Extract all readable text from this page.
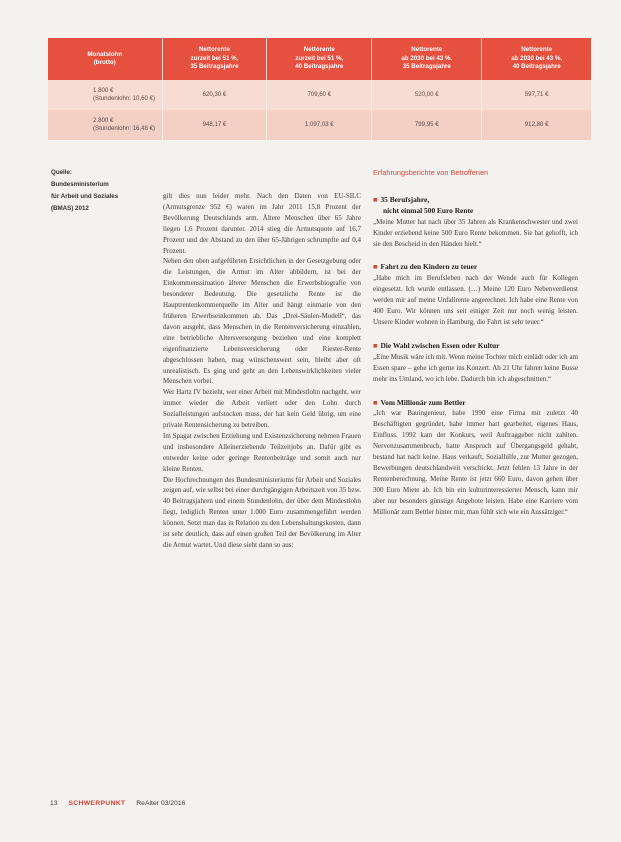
Monatslohn
(brutto)	Nettorente
zurzeit bei 51 %,
35 Beitragsjahre	Nettorente
zurzeit bei 51 %,
40 Beitragsjahre	Nettorente
ab 2030 bei 43 %,
35 Beitragsjahre	Nettorente
ab 2030 bei 43 %,
40 Beitragsjahre
1.800 €
(Stundenlohn: 10,60 €)	620,30 €	709,60 €	520,00 €	597,71 €
2.800 €
(Stundenlohn: 16,48 €)	948,17 €	1.097,03 €	799,95 €	912,80 €
Quelle:
Bundesministerium
für Arbeit und Soziales
(BMAS) 2012

gilt dies nun leider mehr. Nach den Daten von EU-SILC (Armutsgrenze 952 €) waren im Jahr 2011 15,8 Prozent der Bevölkerung Deutschlands arm. Ältere Menschen über 65 Jahre liegen 1,6 Prozent darunter. 2014 stieg die Armutsquote auf 16,7 Prozent und der Abstand zu den über 65-Jährigen schrumpfte auf 0,4 Prozent.

Neben den oben aufgeführten Ersichtlichen in der Gesetzgebung oder die Leistungen, die Armut im Alter abbildern, ist bei der Einkommenssituation älterer Menschen die Erwerbsbiografie von besonderer Bedeutung. Die gesetzliche Rente ist die Hauptrentenkommerquelle im Alter und hängt einmarie von den früheren Erwerbseinkommen ab. Das „Drei-Säulen-Modell“, das davon ausgeht, dass Menschen in die Rentenversicherung einzahlen, eine betriebliche Altersversorgung beziehen und eine komplett eigenfinanzierte Lebensversicherung oder Riester-Rente abgeschlossen haben, mag wünschenswert sein, bleibt aber oft unrealistisch. Es ging und geht an den Lebenswirklichkeiten vieler Menschen vorbei.

Wer Hartz IV bezieht, wer einer Arbeit mit Mindestlohn nachgeht, wer immer wieder die Arbeit verliert oder den Lohn durch Sozialleistungen aufstocken muss, der hat kein Geld übrig, um eine private Rentensicherung zu betreiben.

Im Spagat zwischen Erziehung und Existenzsicherung nehmen Frauen und insbesondere Alleinerziehende Teilzeitjobs an. Dafür gibt es entweder keine oder geringe Rentenbeiträge und somit auch nur kleine Renten.

Die Hochrechnungen des Bundesministeriums für Arbeit und Soziales zeigen auf, wie selbst bei einer durchgängigen Arbeitszeit von 35 bzw. 40 Beitragsjahren und einem Stundenlohn, der über dem Mindestlohn liegt, lediglich Renten unter 1.000 Euro zusammengeführt werden können. Setzt man das in Relation zu den Lebenshaltungskosten, dann ist sehr deutlich, dass auf einen großen Teil der Bevölkerung im Alter die Armut wartet. Und diese sieht dann so aus:

Erfahrungsberichte von Betroffenen
■ 35 Berufsjahre,
nicht einmal 500 Euro Rente
„Meine Mutter hat nach über 35 Jahren als Krankenschwester und zwei Kinder erziehend keine 500 Euro Rente bekommen. Sie hat gehofft, ich sie den Bescheid in den Händen hielt.“
■ Fahrt zu den Kindern zu teuer
„Habe mich im Berufsleben nach der Wende auch für Kollegen eingesetzt. Ich wurde entlassen. (…) Meine 120 Euro Nebenverdienst werden mir auf meine Unfallrente angerechnet. Ich habe eine Rente von 400 Euro. Wir können uns seit einiger Zeit nur noch wenig leisten. Unsere Kinder wohnen in Hamburg, die Fahrt ist sehr teuer.“
■ Die Wahl zwischen Essen oder Kultur
„Eine Musik wäre ich mit. Wenn meine Tochter mich einlädt oder ich am Essen spare – gehe ich gerne ins Konzert. Ab 21 Uhr fahren keine Busse mehr ins Umland, wo ich lebe. Dadurch bin ich abgeschnitten.“
■ Vom Millionär zum Bettler
„Ich war Bauingenieur, habe 1990 eine Firma mit zuletzt 40 Beschäftigten gegründet, habe immer hart gearbeitet, eigenes Haus, Einfluss. 1992 kam der Konkurs, weil Auftraggeber nicht zahlten. Nervenzusammenbruch, hatte Anspruch auf Übergangsgeld gehabt, bestand hat nach keine. Haus verkauft, Sozialhilfe, zur Mutter gezogen, Bewerbungen deutschlandweit verschickt. Jetzt fehlen 13 Jahre in der Rentenberechnung. Meine Rente ist jetzt 660 Euro, davon gehen über 300 Euro Miete ab. Ich bin ein kulturinteressierter Mensch, kann mir aber nur besonders günstige Angebote leisten. Habe eine Karriere vom Millionär zum Bettler hinter mir, man fühlt sich wie ein Aussätziger.“
13 SCHWERPUNKT ReAlter 03/2016
